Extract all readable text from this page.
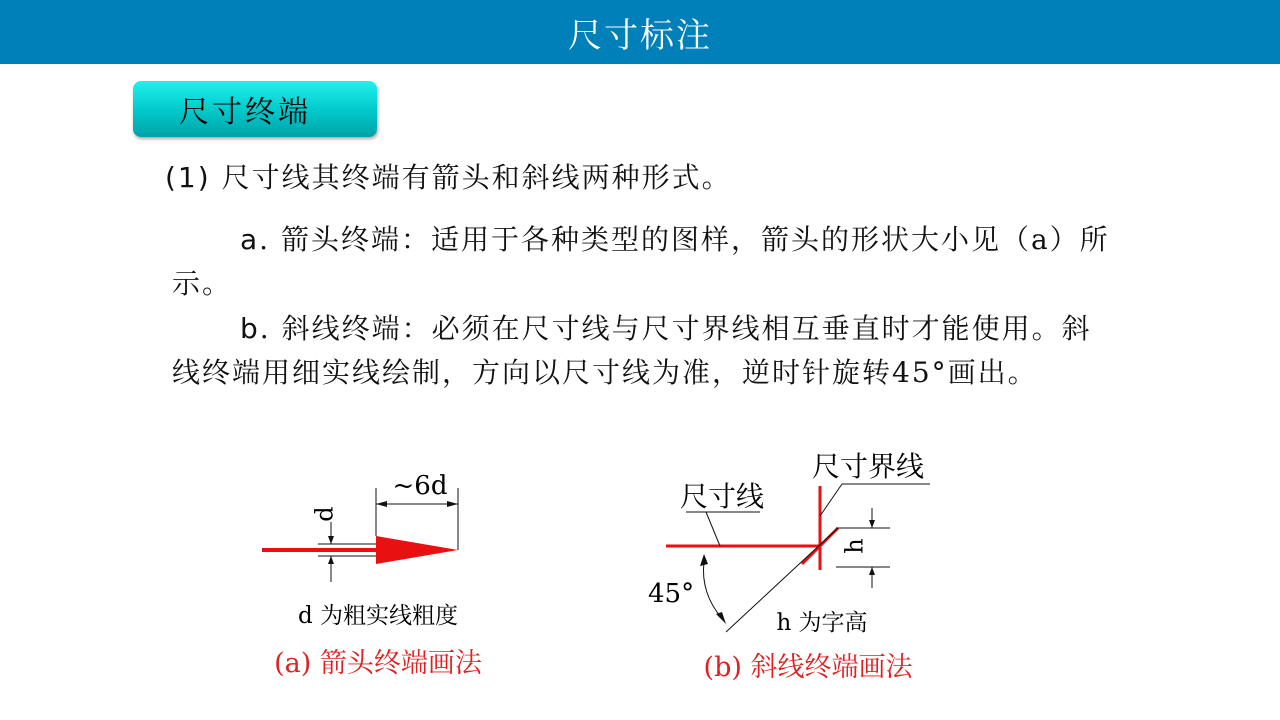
尺寸标注
尺寸终端
(1) 尺寸线其终端有箭头和斜线两种形式。
a. 箭头终端：适用于各种类型的图样，箭头的形状大小见（a）所示。
b. 斜线终端：必须在尺寸线与尺寸界线相互垂直时才能使用。斜线终端用细实线绘制，方向以尺寸线为准，逆时针旋转45°画出。
d
~6d
d 为粗实线粗度
(a) 箭头终端画法
尺寸线
尺寸界线
h
45°
h 为字高
(b) 斜线终端画法
